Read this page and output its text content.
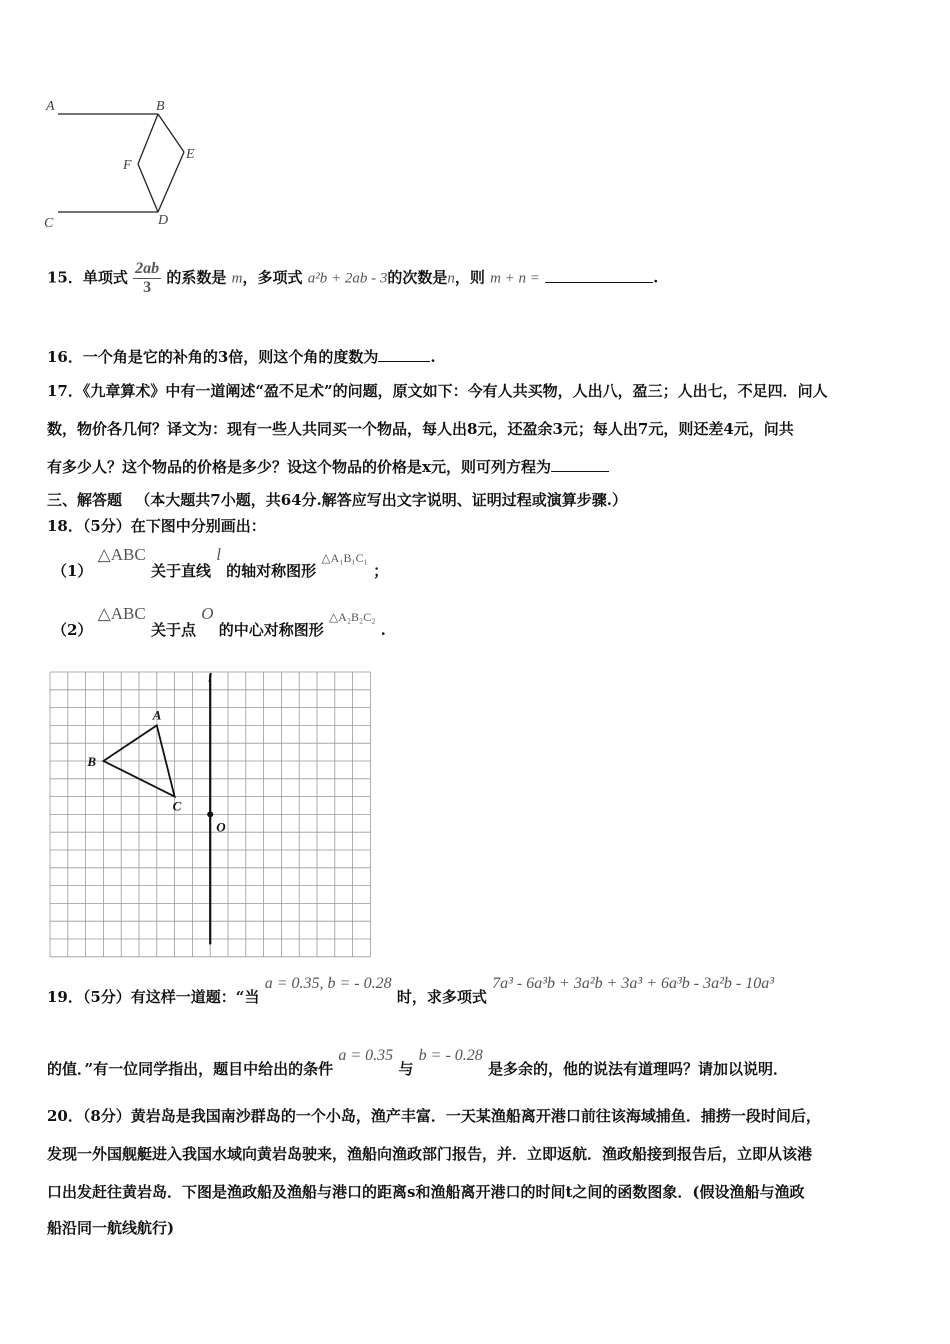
A	B
E
F
C	D
15．单项式 $\frac{2ab}{3}$ 的系数是 m，多项式 a²b + 2ab - 3的次数是n，则 m + n =	.
16．一个角是它的补角的3倍，则这个角的度数为	.
17．《九章算术》中有一道阐述“盈不足术”的问题，原文如下：今有人共买物，人出八，盈三；人出七，不足四．问人
数，物价各几何？译文为：现有一些人共同买一个物品，每人出8元，还盈余3元；每人出7元，则还差4元，问共
有多少人？这个物品的价格是多少？设这个物品的价格是x元，则可列方程为
三、解答题 （本大题共7小题，共64分.解答应写出文字说明、证明过程或演算步骤.）
18．（5分）在下图中分别画出：
（1） △ABC 关于直线 l 的轴对称图形 △A₁B₁C₁ ；
（2） △ABC 关于点 O 的中心对称图形 △A₂B₂C₂ .
l
A
B
C
O
19．（5分）有这样一道题：“当 a = 0.35, b = - 0.28 时，求多项式 7a³ - 6a³b + 3a²b + 3a³ + 6a³b - 3a²b - 10a³
的值．”有一位同学指出，题目中给出的条件 a = 0.35 与 b = - 0.28 是多余的，他的说法有道理吗？请加以说明．
20．（8分）黄岩岛是我国南沙群岛的一个小岛，渔产丰富．一天某渔船离开港口前往该海域捕鱼．捕捞一段时间后，
发现一外国舰艇进入我国水域向黄岩岛驶来，渔船向渔政部门报告，并．立即返航．渔政船接到报告后，立即从该港
口出发赶往黄岩岛．下图是渔政船及渔船与港口的距离s和渔船离开港口的时间t之间的函数图象．(假设渔船与渔政
船沿同一航线航行)
